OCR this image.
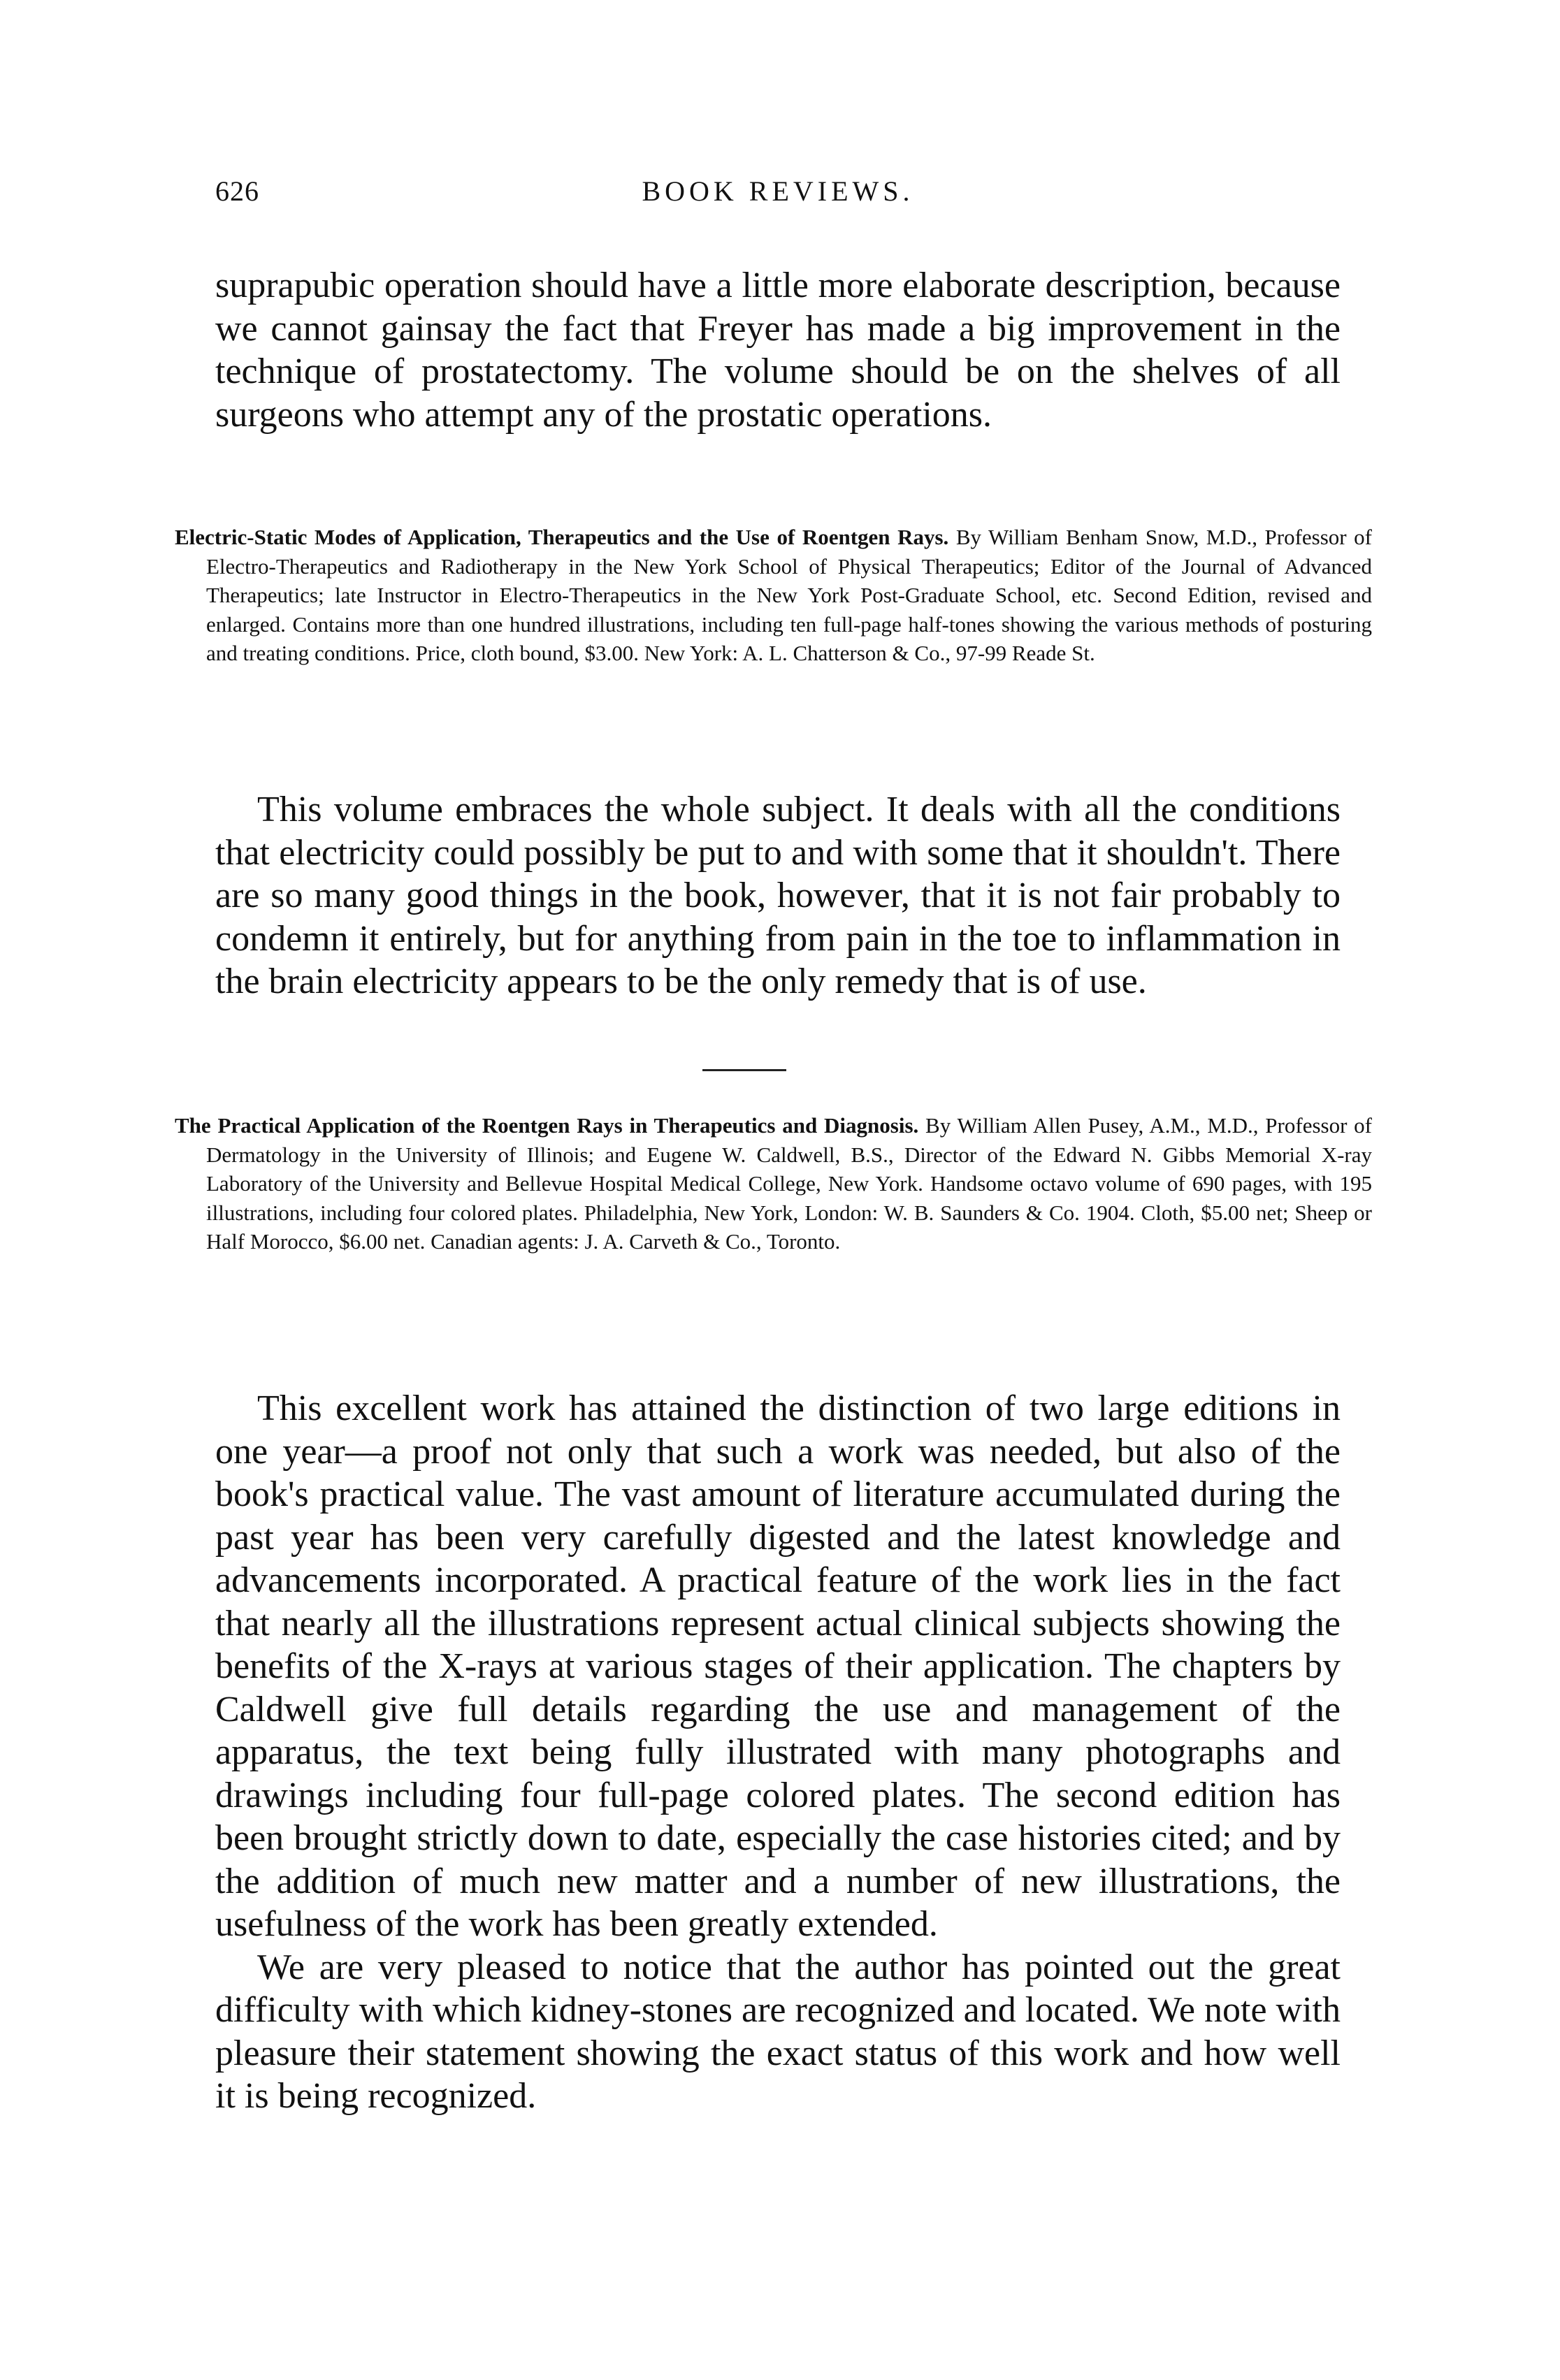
626	BOOK REVIEWS.

suprapubic operation should have a little more elaborate description, because we cannot gainsay the fact that Freyer has made a big improvement in the technique of prostatectomy. The volume should be on the shelves of all surgeons who attempt any of the prostatic operations.

Electric-Static Modes of Application, Therapeutics and the Use of Roentgen Rays. By William Benham Snow, M.D., Professor of Electro-Therapeutics and Radiotherapy in the New York School of Physical Therapeutics; Editor of the Journal of Advanced Therapeutics; late Instructor in Electro-Therapeutics in the New York Post-Graduate School, etc. Second Edition, revised and enlarged. Contains more than one hundred illustrations, including ten full-page half-tones showing the various methods of posturing and treating conditions. Price, cloth bound, $3.00. New York: A. L. Chatterson & Co., 97-99 Reade St.

This volume embraces the whole subject. It deals with all the conditions that electricity could possibly be put to and with some that it shouldn't. There are so many good things in the book, however, that it is not fair probably to condemn it entirely, but for anything from pain in the toe to inflammation in the brain electricity appears to be the only remedy that is of use.

The Practical Application of the Roentgen Rays in Therapeutics and Diagnosis. By William Allen Pusey, A.M., M.D., Professor of Dermatology in the University of Illinois; and Eugene W. Caldwell, B.S., Director of the Edward N. Gibbs Memorial X-ray Laboratory of the University and Bellevue Hospital Medical College, New York. Handsome octavo volume of 690 pages, with 195 illustrations, including four colored plates. Philadelphia, New York, London: W. B. Saunders & Co. 1904. Cloth, $5.00 net; Sheep or Half Morocco, $6.00 net. Canadian agents: J. A. Carveth & Co., Toronto.

This excellent work has attained the distinction of two large editions in one year—a proof not only that such a work was needed, but also of the book's practical value. The vast amount of literature accumulated during the past year has been very carefully digested and the latest knowledge and advancements incorporated. A practical feature of the work lies in the fact that nearly all the illustrations represent actual clinical subjects showing the benefits of the X-rays at various stages of their application. The chapters by Caldwell give full details regarding the use and management of the apparatus, the text being fully illustrated with many photographs and drawings including four full-page colored plates. The second edition has been brought strictly down to date, especially the case histories cited; and by the addition of much new matter and a number of new illustrations, the usefulness of the work has been greatly extended.

We are very pleased to notice that the author has pointed out the great difficulty with which kidney-stones are recognized and located. We note with pleasure their statement showing the exact status of this work and how well it is being recognized.
